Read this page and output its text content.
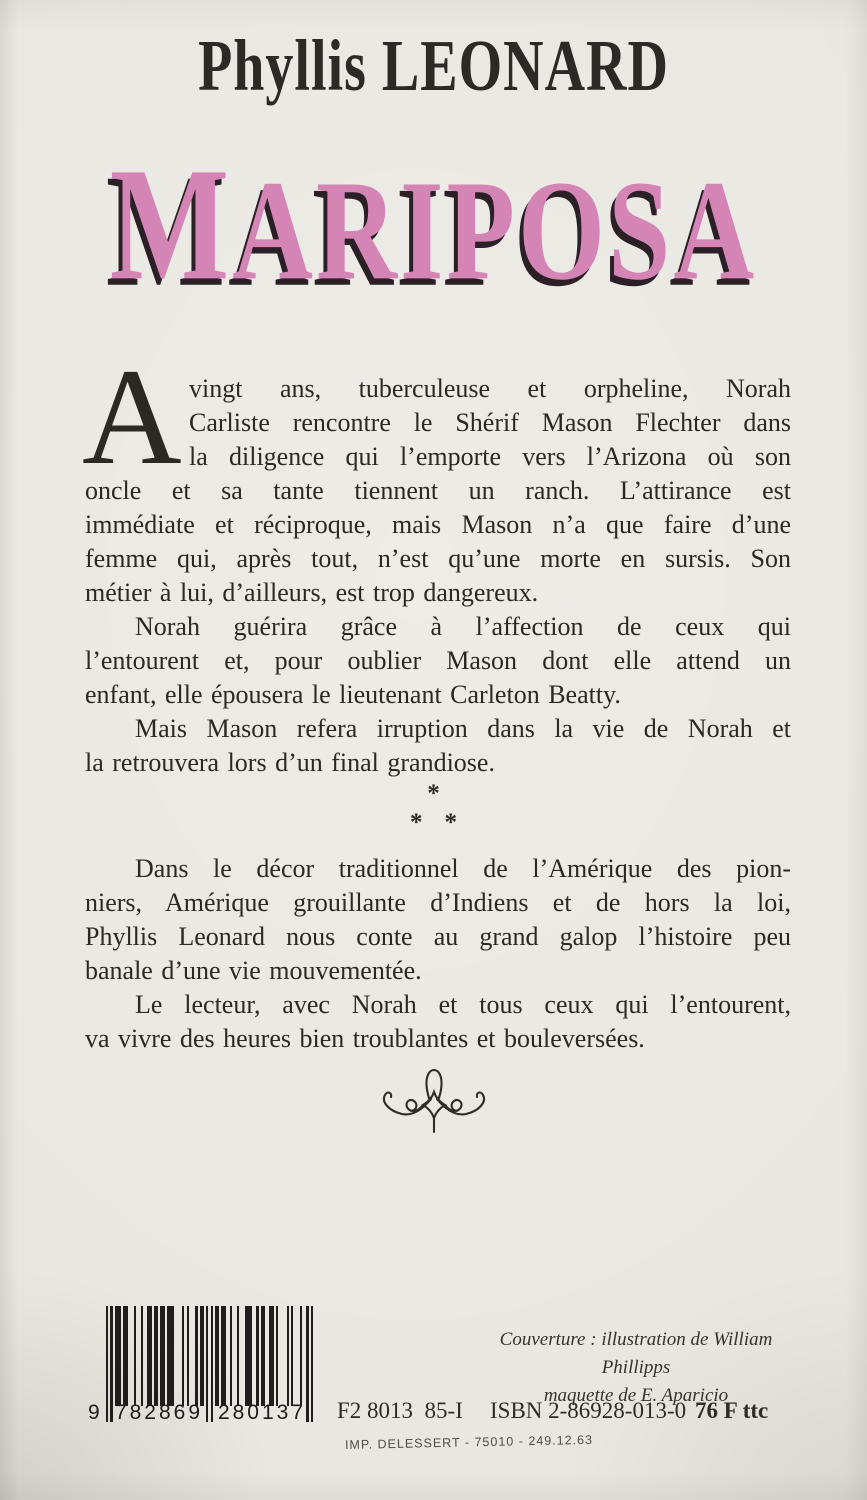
Phyllis LEONARD
MARIPOSA
A vingt ans, tuberculeuse et orpheline, Norah
Carliste rencontre le Shérif Mason Flechter dans
la diligence qui l’emporte vers l’Arizona où son
oncle et sa tante tiennent un ranch. L’attirance est
immédiate et réciproque, mais Mason n’a que faire d’une
femme qui, après tout, n’est qu’une morte en sursis. Son
métier à lui, d’ailleurs, est trop dangereux.
Norah guérira grâce à l’affection de ceux qui
l’entourent et, pour oublier Mason dont elle attend un
enfant, elle épousera le lieutenant Carleton Beatty.
Mais Mason refera irruption dans la vie de Norah et
la retrouvera lors d’un final grandiose.
*
* *
Dans le décor traditionnel de l’Amérique des pion-
niers, Amérique grouillante d’Indiens et de hors la loi,
Phyllis Leonard nous conte au grand galop l’histoire peu
banale d’une vie mouvementée.
Le lecteur, avec Norah et tous ceux qui l’entourent,
va vivre des heures bien troublantes et bouleversées.
9 782869 280137
Couverture : illustration de William Phillipps
maquette de E. Aparicio
F2 8013  85-I ISBN 2-86928-013-0 76 F ttc
IMP. DELESSERT - 75010 - 249.12.63
